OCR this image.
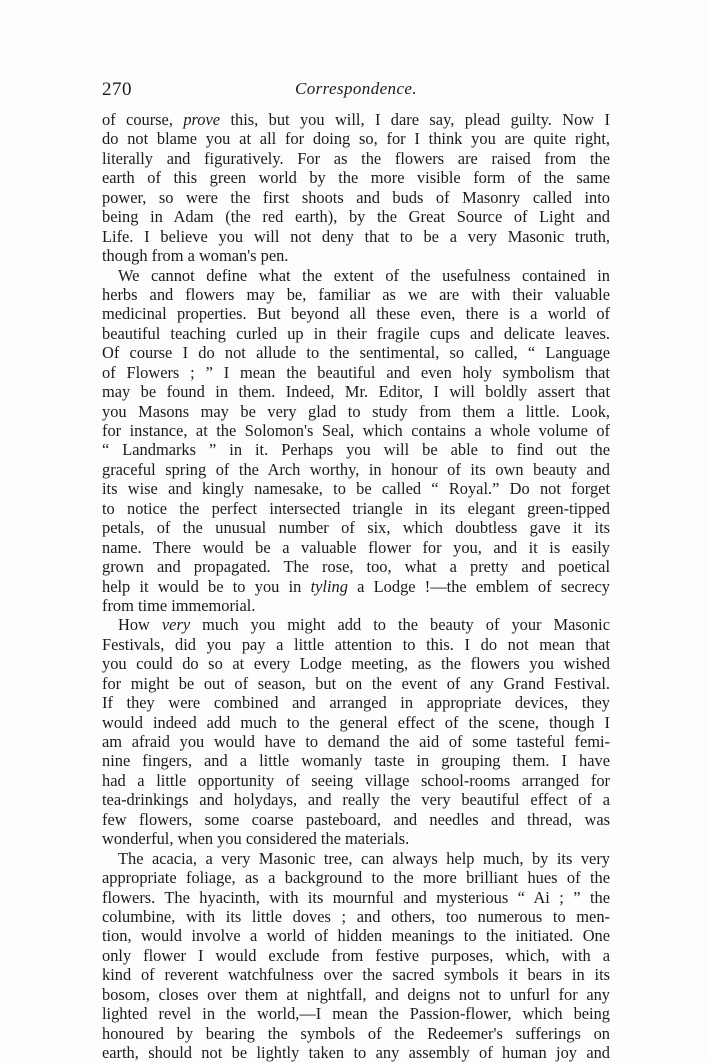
270	Correspondence.
of course, prove this, but you will, I dare say, plead guilty. Now I
do not blame you at all for doing so, for I think you are quite right,
literally and figuratively. For as the flowers are raised from the
earth of this green world by the more visible form of the same
power, so were the first shoots and buds of Masonry called into
being in Adam (the red earth), by the Great Source of Light and
Life. I believe you will not deny that to be a very Masonic truth,
though from a woman's pen.
We cannot define what the extent of the usefulness contained in
herbs and flowers may be, familiar as we are with their valuable
medicinal properties. But beyond all these even, there is a world of
beautiful teaching curled up in their fragile cups and delicate leaves.
Of course I do not allude to the sentimental, so called, “ Language
of Flowers ; ” I mean the beautiful and even holy symbolism that
may be found in them. Indeed, Mr. Editor, I will boldly assert that
you Masons may be very glad to study from them a little. Look,
for instance, at the Solomon's Seal, which contains a whole volume of
“ Landmarks ” in it. Perhaps you will be able to find out the
graceful spring of the Arch worthy, in honour of its own beauty and
its wise and kingly namesake, to be called “ Royal.” Do not forget
to notice the perfect intersected triangle in its elegant green-tipped
petals, of the unusual number of six, which doubtless gave it its
name. There would be a valuable flower for you, and it is easily
grown and propagated. The rose, too, what a pretty and poetical
help it would be to you in tyling a Lodge !—the emblem of secrecy
from time immemorial.
How very much you might add to the beauty of your Masonic
Festivals, did you pay a little attention to this. I do not mean that
you could do so at every Lodge meeting, as the flowers you wished
for might be out of season, but on the event of any Grand Festival.
If they were combined and arranged in appropriate devices, they
would indeed add much to the general effect of the scene, though I
am afraid you would have to demand the aid of some tasteful femi-
nine fingers, and a little womanly taste in grouping them. I have
had a little opportunity of seeing village school-rooms arranged for
tea-drinkings and holydays, and really the very beautiful effect of a
few flowers, some coarse pasteboard, and needles and thread, was
wonderful, when you considered the materials.
The acacia, a very Masonic tree, can always help much, by its very
appropriate foliage, as a background to the more brilliant hues of the
flowers. The hyacinth, with its mournful and mysterious “ Ai ; ” the
columbine, with its little doves ; and others, too numerous to men-
tion, would involve a world of hidden meanings to the initiated. One
only flower I would exclude from festive purposes, which, with a
kind of reverent watchfulness over the sacred symbols it bears in its
bosom, closes over them at nightfall, and deigns not to unfurl for any
lighted revel in the world,—I mean the Passion-flower, which being
honoured by bearing the symbols of the Redeemer's sufferings on
earth, should not be lightly taken to any assembly of human joy and
